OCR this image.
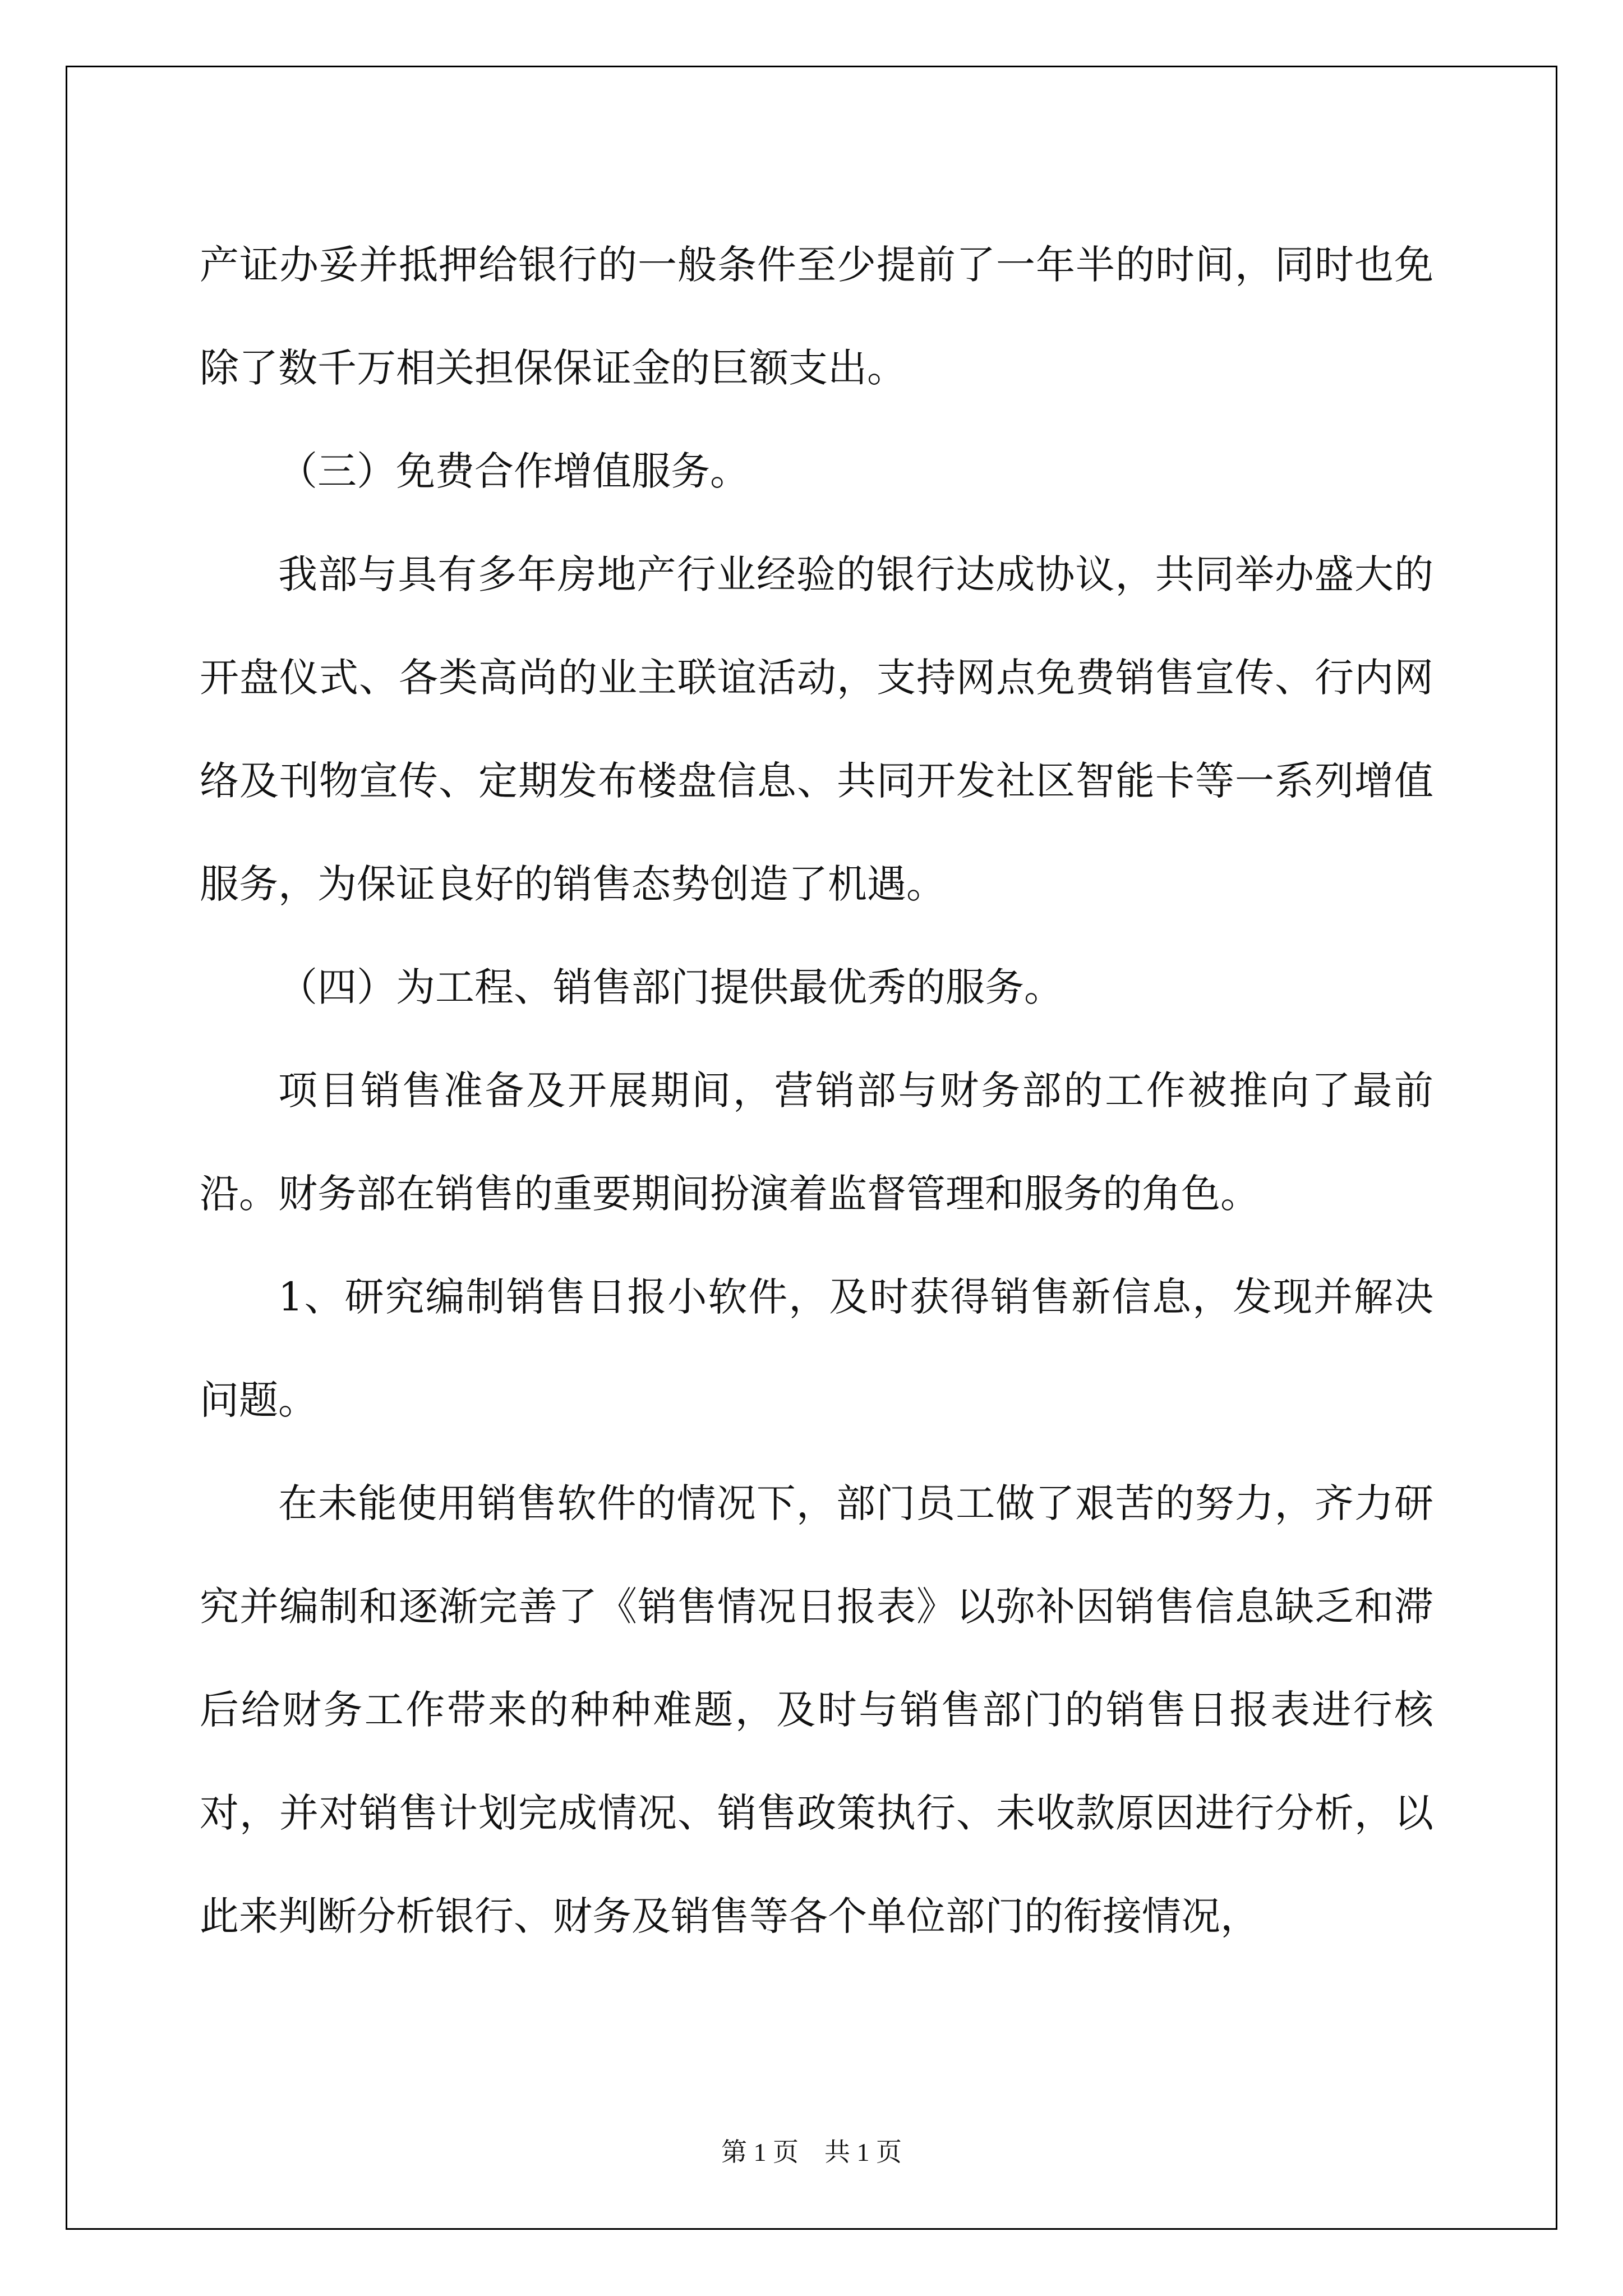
产证办妥并抵押给银行的一般条件至少提前了一年半的时间，同时也免除了数千万相关担保保证金的巨额支出。

（三）免费合作增值服务。

我部与具有多年房地产行业经验的银行达成协议，共同举办盛大的开盘仪式、各类高尚的业主联谊活动，支持网点免费销售宣传、行内网络及刊物宣传、定期发布楼盘信息、共同开发社区智能卡等一系列增值服务，为保证良好的销售态势创造了机遇。

（四）为工程、销售部门提供最优秀的服务。

项目销售准备及开展期间，营销部与财务部的工作被推向了最前沿。财务部在销售的重要期间扮演着监督管理和服务的角色。

1、研究编制销售日报小软件，及时获得销售新信息，发现并解决问题。

在未能使用销售软件的情况下，部门员工做了艰苦的努力，齐力研究并编制和逐渐完善了《销售情况日报表》以弥补因销售信息缺乏和滞后给财务工作带来的种种难题，及时与销售部门的销售日报表进行核对，并对销售计划完成情况、销售政策执行、未收款原因进行分析，以此来判断分析银行、财务及销售等各个单位部门的衔接情况，

第 1 页    共 1 页
